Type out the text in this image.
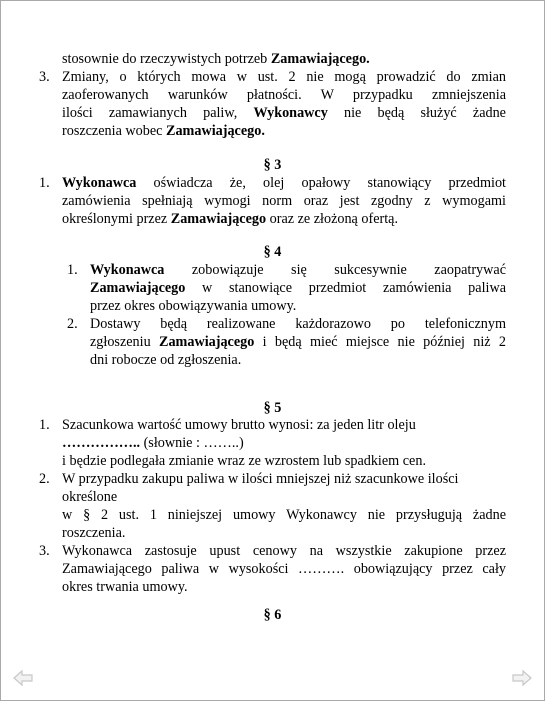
stosownie do rzeczywistych potrzeb Zamawiającego.
3. Zmiany, o których mowa w ust. 2 nie mogą prowadzić do zmian
zaoferowanych warunków płatności. W przypadku zmniejszenia
ilości zamawianych paliw, Wykonawcy nie będą służyć żadne
roszczenia wobec Zamawiającego.
§ 3
1. Wykonawca oświadcza że, olej opałowy stanowiący przedmiot
zamówienia spełniają wymogi norm oraz jest zgodny z wymogami
określonymi przez Zamawiającego oraz ze złożoną ofertą.
§ 4
1. Wykonawca zobowiązuje się sukcesywnie zaopatrywać
Zamawiającego w stanowiące przedmiot zamówienia paliwa
przez okres obowiązywania umowy.
2. Dostawy będą realizowane każdorazowo po telefonicznym
zgłoszeniu Zamawiającego i będą mieć miejsce nie później niż 2
dni robocze od zgłoszenia.
§ 5
1. Szacunkowa wartość umowy brutto wynosi: za jeden litr oleju
…………….. (słownie : ……..)
i będzie podlegała zmianie wraz ze wzrostem lub spadkiem cen.
2. W przypadku zakupu paliwa w ilości mniejszej niż szacunkowe ilości
określone
w § 2 ust. 1 niniejszej umowy Wykonawcy nie przysługują żadne
roszczenia.
3. Wykonawca zastosuje upust cenowy na wszystkie zakupione przez
Zamawiającego paliwa w wysokości ………. obowiązujący przez cały
okres trwania umowy.
§ 6
